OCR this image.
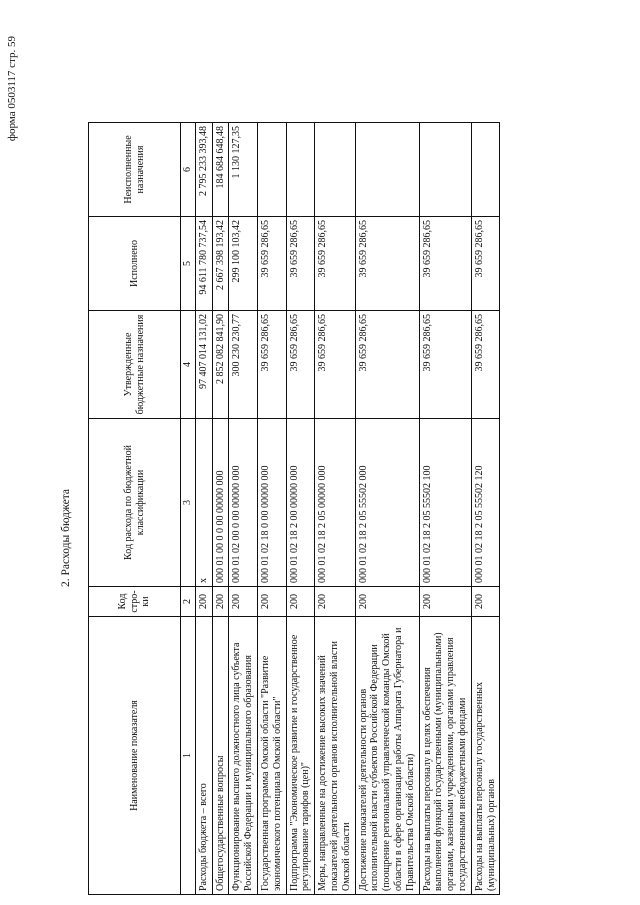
форма 0503117 стр. 59
2. Расходы бюджета
Наименование показателя	Код стро-ки	Код расхода по бюджетной классификации	Утвержденные бюджетные назначения	Исполнено	Неисполненные назначения
1	2	3	4	5	6
Расходы бюджета – всего	200	x	97 407 014 131,02	94 611 780 737,54	2 795 233 393,48
Общегосударственные вопросы	200	000 01 00 0 0 00 00000 000	2 852 082 841,90	2 667 398 193,42	184 684 648,48
Функционирование высшего должностного лица субъекта Российской Федерации и муниципального образования	200	000 01 02 00 0 00 00000 000	300 230 230,77	299 100 103,42	1 130 127,35
Государственная программа Омской области "Развитие экономического потенциала Омской области"	200	000 01 02 18 0 00 00000 000	39 659 286,65	39 659 286,65	
Подпрограмма "Экономическое развитие и государственное регулирование тарифов (цен)"	200	000 01 02 18 2 00 00000 000	39 659 286,65	39 659 286,65	
Меры, направленные на достижение высоких значений показателей деятельности органов исполнительной власти Омской области	200	000 01 02 18 2 05 00000 000	39 659 286,65	39 659 286,65	
Достижение показателей деятельности органов исполнительной власти субъектов Российской Федерации (поощрение региональной управленческой команды Омской области в сфере организации работы Аппарата Губернатора и Правительства Омской области)	200	000 01 02 18 2 05 55502 000	39 659 286,65	39 659 286,65	
Расходы на выплаты персоналу в целях обеспечения выполнения функций государственными (муниципальными) органами, казенными учреждениями, органами управления государственными внебюджетными фондами	200	000 01 02 18 2 05 55502 100	39 659 286,65	39 659 286,65	
Расходы на выплаты персоналу государственных (муниципальных) органов	200	000 01 02 18 2 05 55502 120	39 659 286,65	39 659 286,65	
